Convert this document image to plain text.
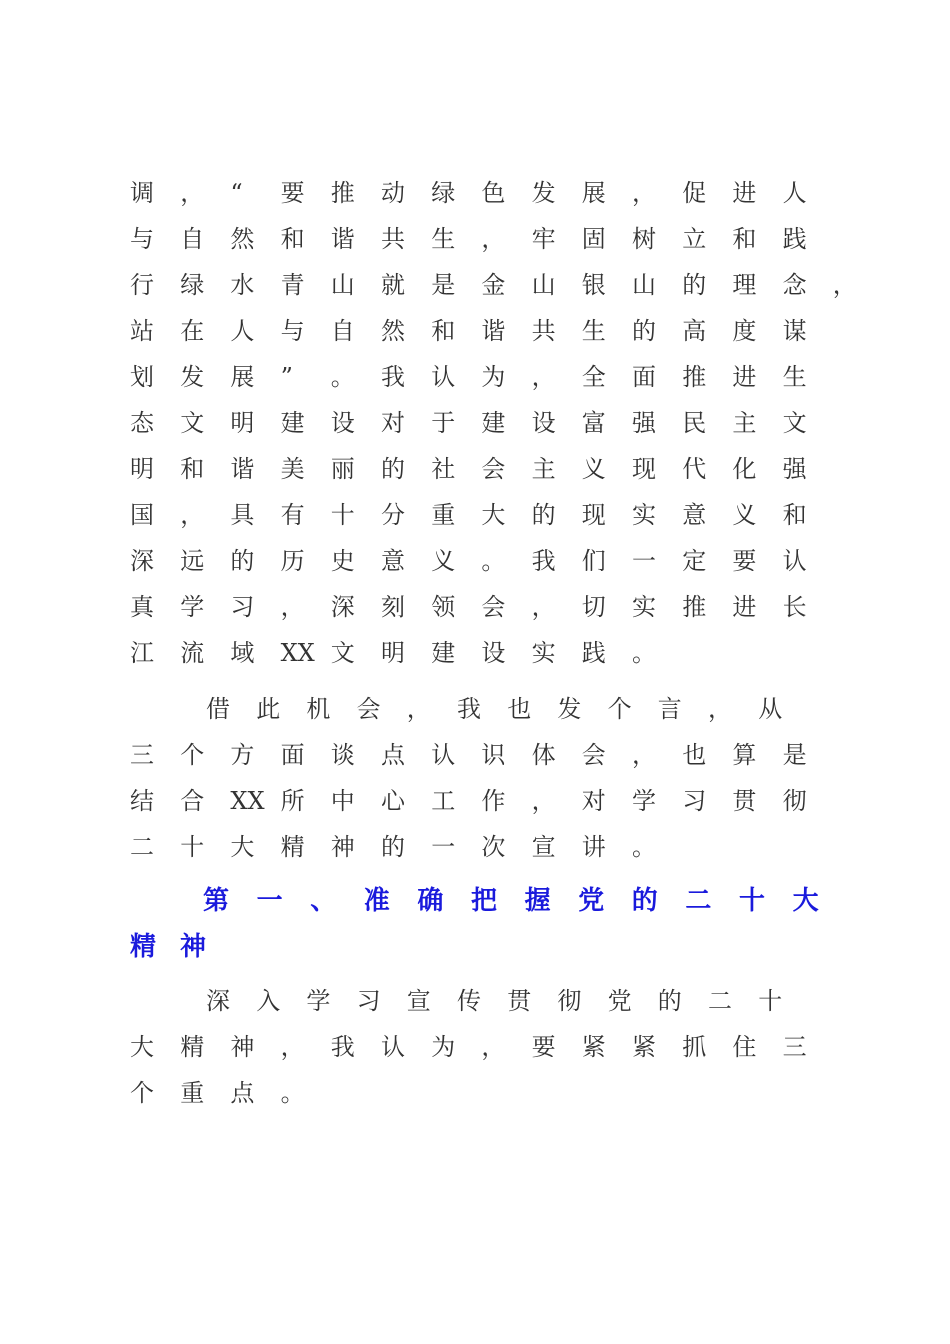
调 ， “ 要 推 动 绿 色 发 展 ， 促 进 人
与 自 然 和 谐 共 生 ， 牢 固 树 立 和 践
行 绿 水 青 山 就 是 金 山 银 山 的 理 念 ，
站 在 人 与 自 然 和 谐 共 生 的 高 度 谋
划 发 展 ” 。 我 认 为 ， 全 面 推 进 生
态 文 明 建 设 对 于 建 设 富 强 民 主 文
明 和 谐 美 丽 的 社 会 主 义 现 代 化 强
国 ， 具 有 十 分 重 大 的 现 实 意 义 和
深 远 的 历 史 意 义 。 我 们 一 定 要 认
真 学 习 ， 深 刻 领 会 ， 切 实 推 进 长
江 流 域 XX 文 明 建 设 实 践 。
借 此 机 会 ， 我 也 发 个 言 ， 从
三 个 方 面 谈 点 认 识 体 会 ， 也 算 是
结 合 XX 所 中 心 工 作 ， 对 学 习 贯 彻
二 十 大 精 神 的 一 次 宣 讲 。
第 一 、 准 确 把 握 党 的 二 十 大
精 神
深 入 学 习 宣 传 贯 彻 党 的 二 十
大 精 神 ， 我 认 为 ， 要 紧 紧 抓 住 三
个 重 点 。
